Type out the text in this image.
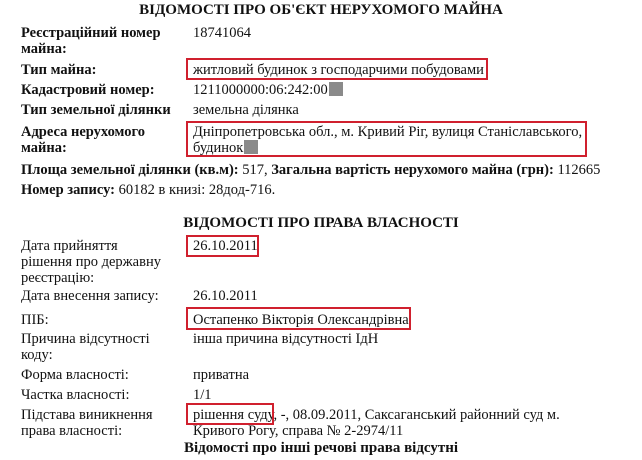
ВІДОМОСТІ ПРО ОБ'ЄКТ НЕРУХОМОГО МАЙНА
Реєстраційний номер майна:
18741064
Тип майна:	житловий будинок з господарчими побудовами
Кадастровий номер:	1211000000:06:242:00
Тип земельної ділянки	земельна ділянка
Адреса нерухомого майна:
Дніпропетровська обл., м. Кривий Ріг, вулиця Станіславського, будинок
Площа земельної ділянки (кв.м): 517, Загальна вартість нерухомого майна (грн): 112665
Номер запису: 60182 в книзі: 28дод-716.
ВІДОМОСТІ ПРО ПРАВА ВЛАСНОСТІ
Дата прийняття рішення про державну реєстрацію:
26.10.2011
Дата внесення запису:	26.10.2011
ПІБ:	Остапенко Вікторія Олександрівна
Причина відсутності коду:
інша причина відсутності ІдН
Форма власності:	приватна
Частка власності:	1/1
Підстава виникнення права власності:
рішення суду, -, 08.09.2011, Саксаганський районний суд м. Кривого Рогу, справа № 2-2974/11
Відомості про інші речові права відсутні
